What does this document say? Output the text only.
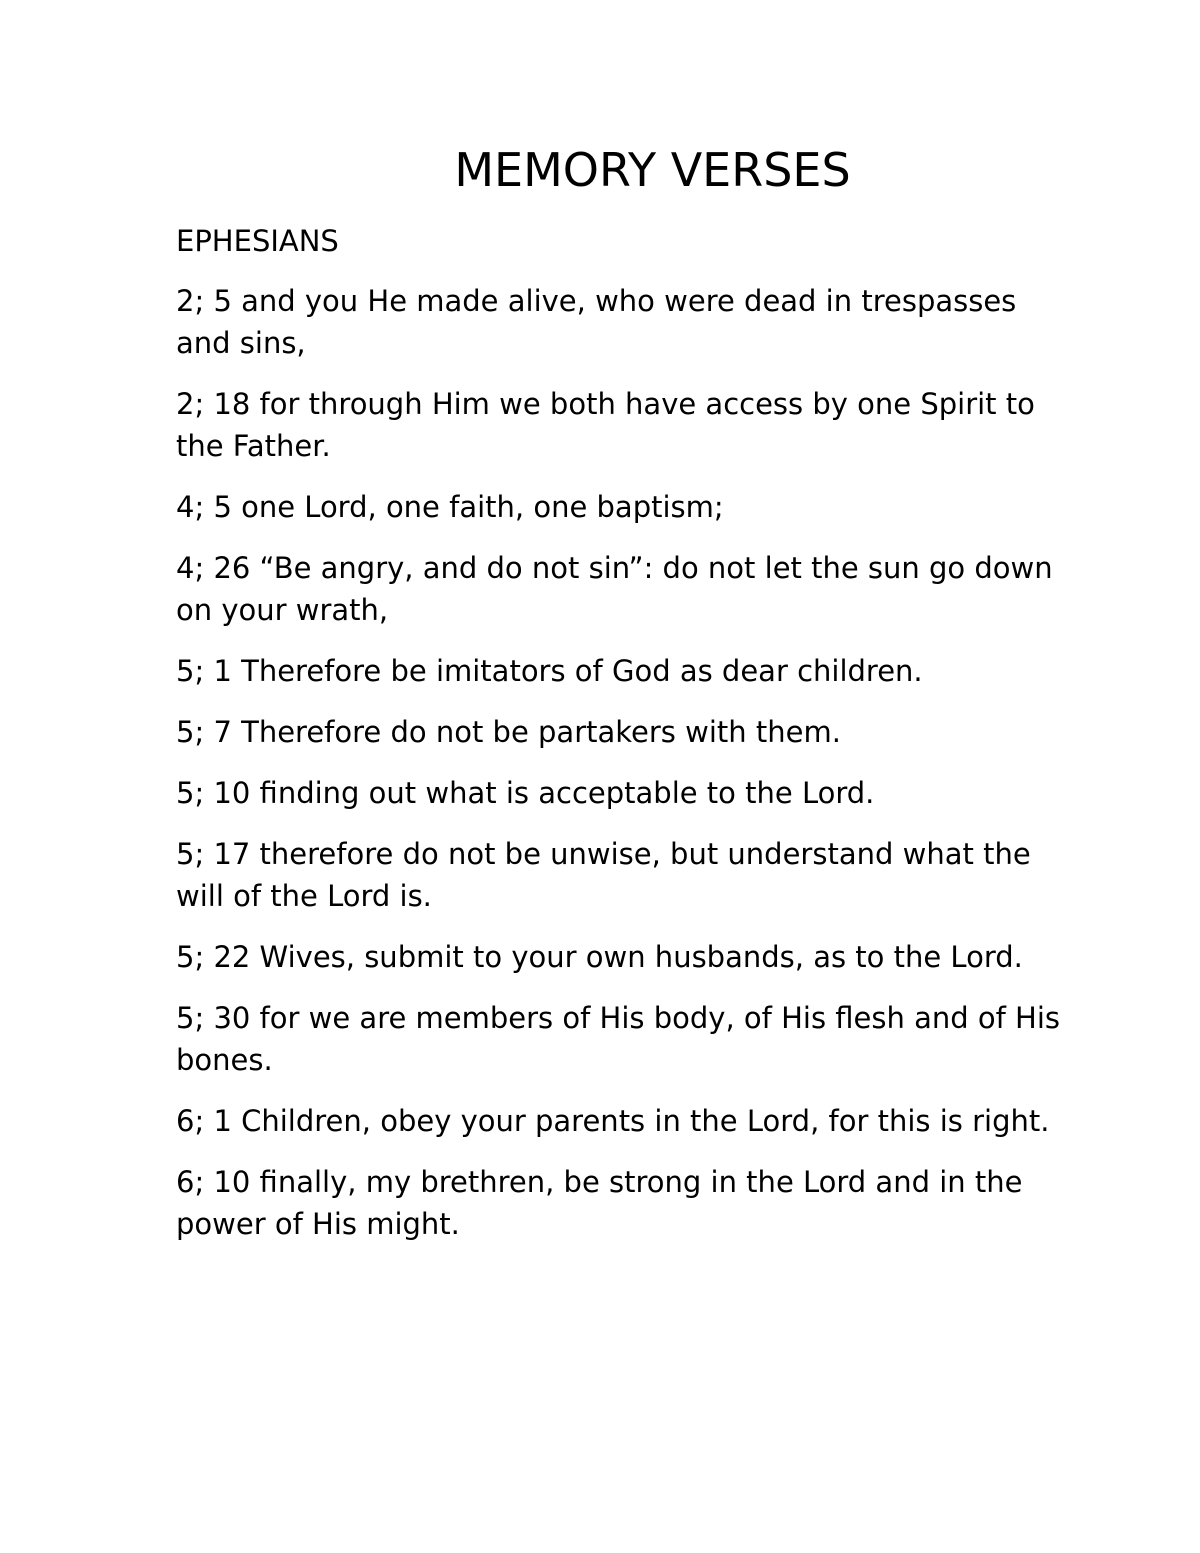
MEMORY VERSES

EPHESIANS

2; 5 and you He made alive, who were dead in trespasses and sins,

2; 18 for through Him we both have access by one Spirit to the Father.

4; 5 one Lord, one faith, one baptism;

4; 26 “Be angry, and do not sin”: do not let the sun go down on your wrath,

5; 1 Therefore be imitators of God as dear children.

5; 7 Therefore do not be partakers with them.

5; 10 finding out what is acceptable to the Lord.

5; 17 therefore do not be unwise, but understand what the will of the Lord is.

5; 22 Wives, submit to your own husbands, as to the Lord.

5; 30 for we are members of His body, of His flesh and of His bones.

6; 1 Children, obey your parents in the Lord, for this is right.

6; 10 finally, my brethren, be strong in the Lord and in the power of His might.
